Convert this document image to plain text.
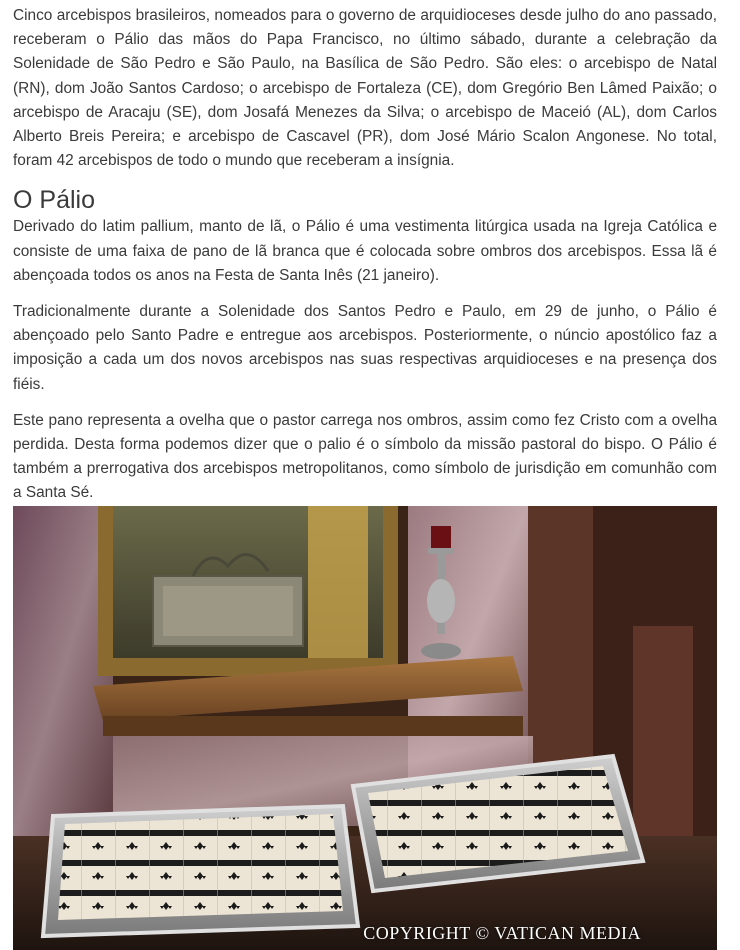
Cinco arcebispos brasileiros, nomeados para o governo de arquidioceses desde julho do ano passado, receberam o Pálio das mãos do Papa Francisco, no último sábado, durante a celebração da Solenidade de São Pedro e São Paulo, na Basílica de São Pedro. São eles: o arcebispo de Natal (RN), dom João Santos Cardoso; o arcebispo de Fortaleza (CE), dom Gregório Ben Lâmed Paixão; o arcebispo de Aracaju (SE), dom Josafá Menezes da Silva; o arcebispo de Maceió (AL), dom Carlos Alberto Breis Pereira; e arcebispo de Cascavel (PR), dom José Mário Scalon Angonese. No total, foram 42 arcebispos de todo o mundo que receberam a insígnia.

O Pálio

Derivado do latim pallium, manto de lã, o Pálio é uma vestimenta litúrgica usada na Igreja Católica e consiste de uma faixa de pano de lã branca que é colocada sobre ombros dos arcebispos. Essa lã é abençoada todos os anos na Festa de Santa Inês (21 janeiro).

Tradicionalmente durante a Solenidade dos Santos Pedro e Paulo, em 29 de junho, o Pálio é abençoado pelo Santo Padre e entregue aos arcebispos. Posteriormente, o núncio apostólico faz a imposição a cada um dos novos arcebispos nas suas respectivas arquidioceses e na presença dos fiéis.

Este pano representa a ovelha que o pastor carrega nos ombros, assim como fez Cristo com a ovelha perdida. Desta forma podemos dizer que o palio é o símbolo da missão pastoral do bispo. O Pálio é também a prerrogativa dos arcebispos metropolitanos, como símbolo de jurisdição em comunhão com a Santa Sé.

COPYRIGHT © VATICAN MEDIA
